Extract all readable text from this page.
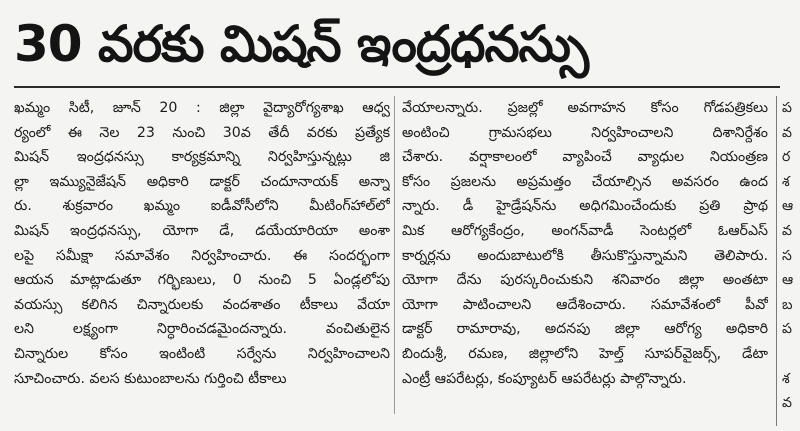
30 వరకు మిషన్ ఇంద్రధనస్సు
ఖమ్మం సిటీ, జూన్ 20 : జిల్లా వైద్యారోగ్యశాఖ ఆధ్వ
ర్యంలో ఈ నెల 23 నుంచి 30వ తేదీ వరకు ప్రత్యేక
మిషన్ ఇంద్రధనస్సు కార్యక్రమాన్ని నిర్వహిస్తున్నట్లు జి
ల్లా ఇమ్యునైజేషన్ అధికారి డాక్టర్ చందూనాయక్ అన్నా
రు. శుక్రవారం ఖమ్మం ఐడీవోసీలోని మీటింగ్‌హాల్‌లో
మిషన్ ఇంద్రధనస్సు, యోగా డే, డయేయారియా అంశా
లపై సమీక్షా సమావేశం నిర్వహించారు. ఈ సందర్భంగా
ఆయన మాట్లాడుతూ గర్భిణులు, 0 నుంచి 5 ఏండ్లలోపు
వయస్సు కలిగిన చిన్నారులకు వందశాతం టీకాలు వేయా
లని లక్ష్యంగా నిర్ధారించడమైందన్నారు. వంచితులైన
చిన్నారుల కోసం ఇంటింటి సర్వేను నిర్వహించాలని
సూచించారు. వలస కుటుంబాలను గుర్తించి టీకాలు
వేయాలన్నారు. ప్రజల్లో అవగాహన కోసం గోడపత్రికలు
అంటించి గ్రామసభలు నిర్వహించాలని దిశానిర్దేశం
చేశారు. వర్షాకాలంలో వ్యాపించే వ్యాధుల నియంత్రణ
కోసం ప్రజలను అప్రమత్తం చేయాల్సిన అవసరం ఉంద
న్నారు. డీ హైడ్రేషన్‌ను అధిగమించేందుకు ప్రతి ప్రాథ
మిక ఆరోగ్యకేంద్రం, అంగన్‌వాడీ సెంటర్లలో ఓఆర్‌ఎస్
కార్నర్లను అందుబాటులోకి తీసుకొస్తున్నామని తెలిపారు.
యోగా దేను పురస్కరించుకుని శనివారం జిల్లా అంతటా
యోగా పాటించాలని ఆదేశించారు. సమావేశంలో పీవో
డాక్టర్ రామారావు, అదనపు జిల్లా ఆరోగ్య అధికారి
బిందుశ్రీ, రమణ, జిల్లాలోని హెల్త్ సూపర్‌వైజర్స్, డేటా
ఎంట్రీ ఆపరేటర్లు, కంప్యూటర్ ఆపరేటర్లు పాల్గొన్నారు.
ప
వ
ర
శ
ఆ
వ
స
ఆ
బ
ప
శ
వ
